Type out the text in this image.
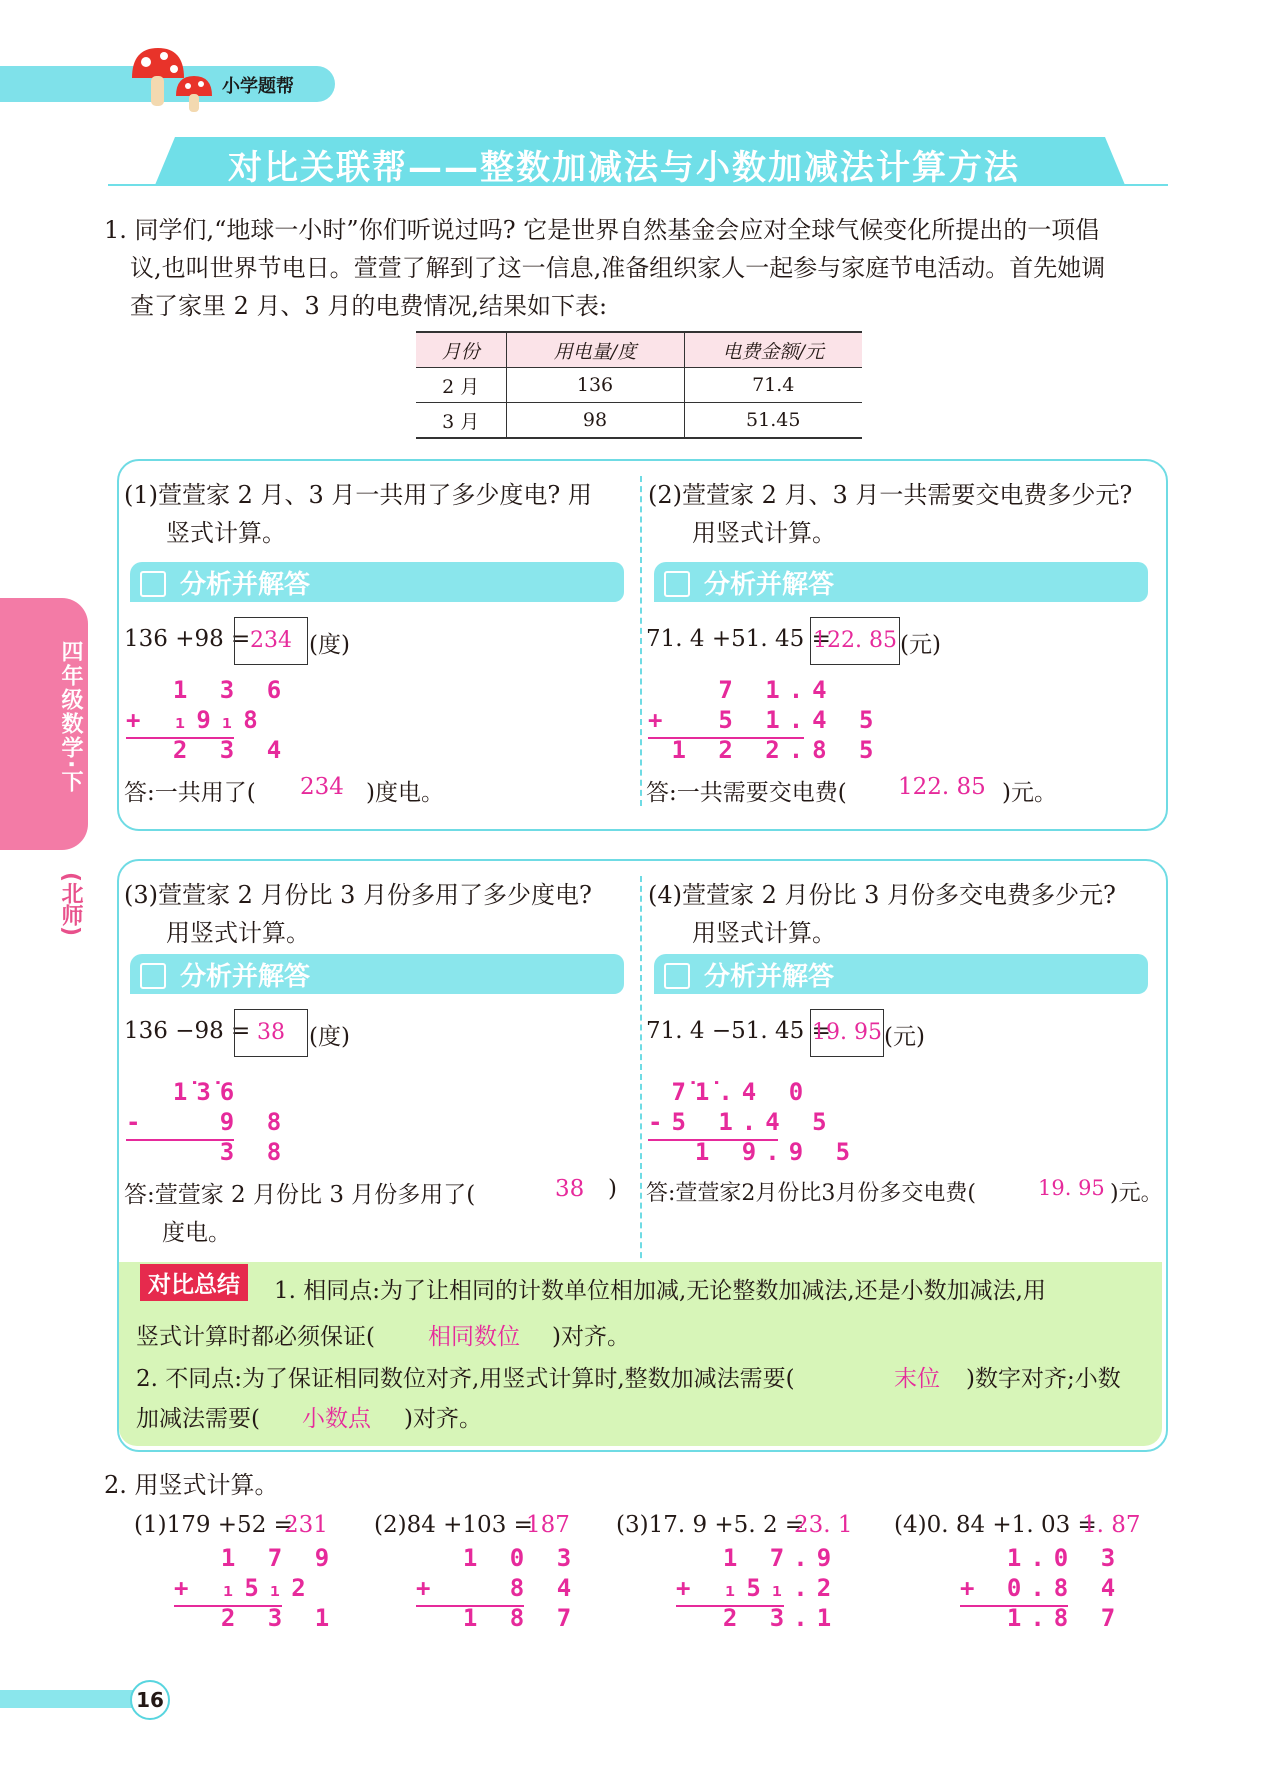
小学题帮
对比关联帮——整数加减法与小数加减法计算方法
四年级数学·下
(北师)
1. 同学们,“地球一小时”你们听说过吗? 它是世界自然基金会应对全球气候变化所提出的一项倡
议,也叫世界节电日。萱萱了解到了这一信息,准备组织家人一起参与家庭节电活动。首先她调
查了家里 2 月、3 月的电费情况,结果如下表:
月份	用电量/度	电费金额/元
2 月	136	71.4
3 月	98	51.45
(1)萱萱家 2 月、3 月一共用了多少度电? 用
竖式计算。
分析并解答
136 +98 = 234 (度)
1 3 6
+ ₁9₁8
2 3 4
答:一共用了( 234 )度电。
(2)萱萱家 2 月、3 月一共需要交电费多少元?
用竖式计算。
分析并解答
71. 4 +51. 45 =
122. 85 (元)
7 1.4
+  5 1.4 5
1 2 2.8 5
答:一共需要交电费( 122. 85 )元。
(3)萱萱家 2 月份比 3 月份多用了多少度电?
用竖式计算。
分析并解答
136 −98 = 38	(度)
1̇3̇6
-   9 8
3 8
答:萱萱家 2 月份比 3 月份多用了(	38 )
度电。
(4)萱萱家 2 月份比 3 月份多交电费多少元?
用竖式计算。
分析并解答
71. 4 −51. 45 =
19. 95 (元)
7̇1̇.4 0
-5 1.4 5
1 9.9 5
答:萱萱家2月份比3月份多交电费(	19. 95 )元。
对比总结	1. 相同点:为了让相同的计数单位相加减,无论整数加减法,还是小数加减法,用
竖式计算时都必须保证( 相同数位 )对齐。
2. 不同点:为了保证相同数位对齐,用竖式计算时,整数加减法需要(	末位 )数字对齐;小数
加减法需要( 小数点 )对齐。
2. 用竖式计算。
(1)179 +52 =
231
1 7 9
+ ₁5₁2
2 3 1
(2)84 +103 =
187
1 0 3
+   8 4
1 8 7
(3)17. 9 +5. 2 =
23. 1
1 7.9
+ ₁5₁.2
2 3.1
(4)0. 84 +1. 03 =
1. 87
1.0 3
+ 0.8 4
1.8 7
16
